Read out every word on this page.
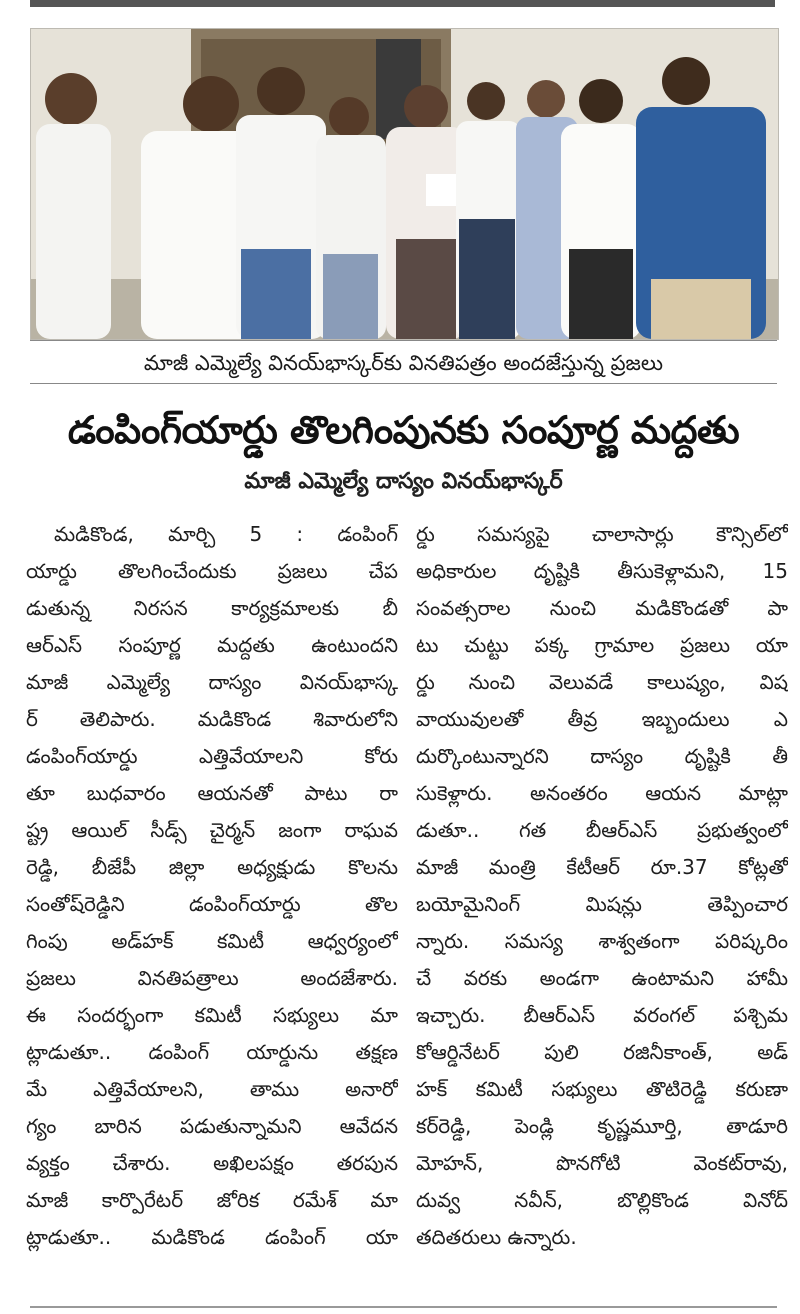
మాజీ ఎమ్మెల్యే వినయ్‌భాస్కర్‌కు వినతిపత్రం అందజేస్తున్న ప్రజలు
డంపింగ్‌యార్డు తొలగింపునకు సంపూర్ణ మద్దతు
మాజీ ఎమ్మెల్యే దాస్యం వినయ్‌భాస్కర్
మడికొండ, మార్చి 5 : డంపింగ్
యార్డు తొలగించేందుకు ప్రజలు చేప
డుతున్న నిరసన కార్యక్రమాలకు బీ
ఆర్ఎస్ సంపూర్ణ మద్దతు ఉంటుందని
మాజీ ఎమ్మెల్యే దాస్యం వినయ్‌భాస్క
ర్ తెలిపారు. మడికొండ శివారులోని
డంపింగ్‌యార్డు ఎత్తివేయాలని కోరు
తూ బుధవారం ఆయనతో పాటు రా
ష్ట్ర ఆయిల్ సీడ్స్ చైర్మన్ జంగా రాఘవ
రెడ్డి, బీజేపీ జిల్లా అధ్యక్షుడు కొలను
సంతోష్‌రెడ్డిని డంపింగ్‌యార్డు తొల
గింపు అడ్‌హక్ కమిటీ ఆధ్వర్యంలో
ప్రజలు వినతిపత్రాలు అందజేశారు.
ఈ సందర్భంగా కమిటీ సభ్యులు మా
ట్లాడుతూ.. డంపింగ్ యార్డును తక్షణ
మే ఎత్తివేయాలని, తాము అనారో
గ్యం బారిన పడుతున్నామని ఆవేదన
వ్యక్తం చేశారు. అఖిలపక్షం తరపున
మాజీ కార్పొరేటర్ జోరిక రమేశ్ మా
ట్లాడుతూ.. మడికొండ డంపింగ్ యా
ర్డు సమస్యపై చాలాసార్లు కౌన్సిల్‌లో
అధికారుల దృష్టికి తీసుకెళ్లామని, 15
సంవత్సరాల నుంచి మడికొండతో పా
టు చుట్టు పక్క గ్రామాల ప్రజలు యా
ర్డు నుంచి వెలువడే కాలుష్యం, విష
వాయువులతో తీవ్ర ఇబ్బందులు ఎ
దుర్కొంటున్నారని దాస్యం దృష్టికి తీ
సుకెళ్లారు. అనంతరం ఆయన మాట్లా
డుతూ.. గత బీఆర్ఎస్ ప్రభుత్వంలో
మాజీ మంత్రి కేటీఆర్ రూ.37 కోట్లతో
బయోమైనింగ్ మిషన్లు తెప్పించార
న్నారు. సమస్య శాశ్వతంగా పరిష్కరిం
చే వరకు అండగా ఉంటామని హామీ
ఇచ్చారు. బీఆర్ఎస్ వరంగల్ పశ్చిమ
కోఆర్డినేటర్ పులి రజినీకాంత్, అడ్
హక్ కమిటీ సభ్యులు తొటిరెడ్డి కరుణా
కర్‌రెడ్డి, పెండ్లి కృష్ణమూర్తి, తాడూరి
మోహన్, పొనగోటి వెంకట్‌రావు,
దువ్వ నవీన్, బొల్లికొండ వినోద్
తదితరులు ఉన్నారు.
